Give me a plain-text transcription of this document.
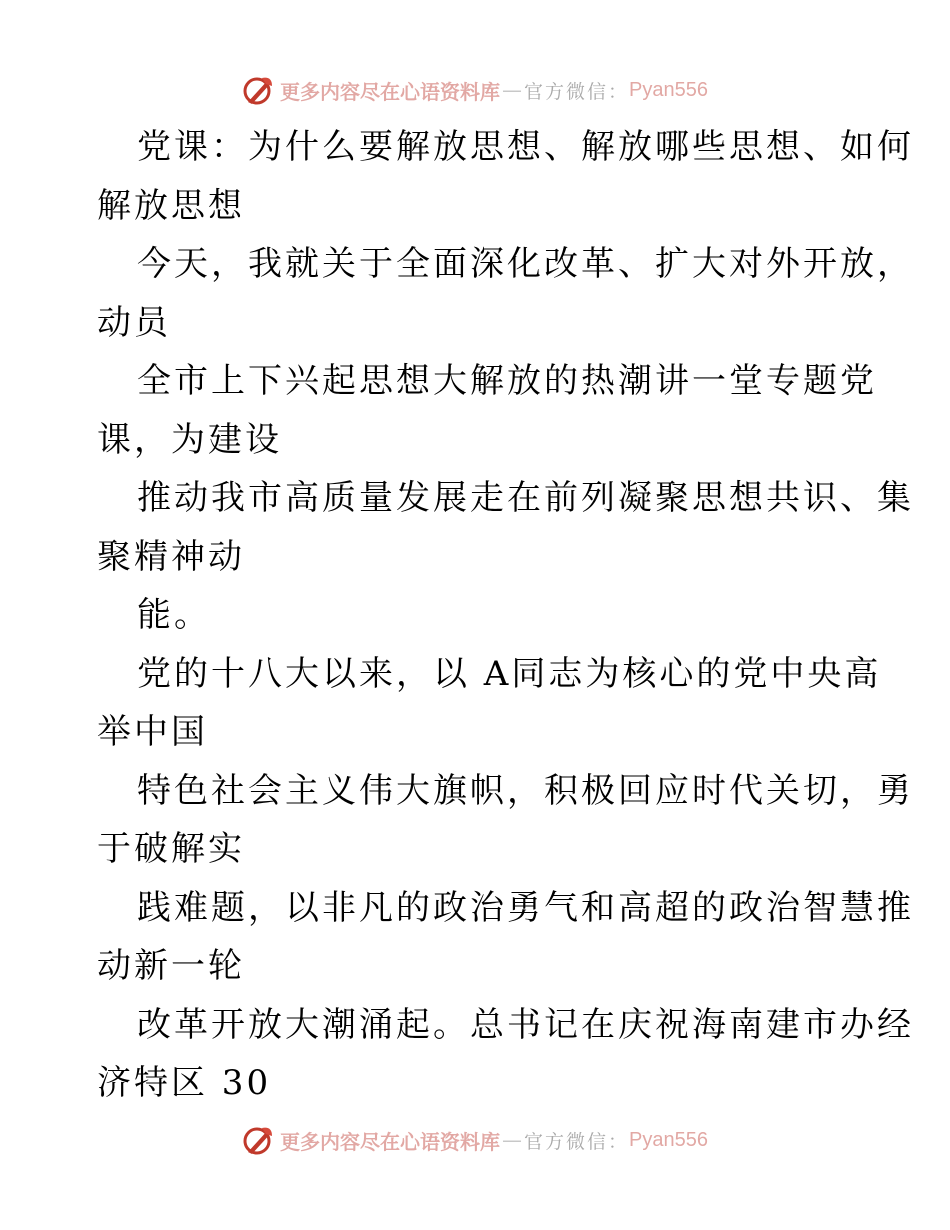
更多内容尽在心语资料库 — 官方微信： Pyan556
党课：为什么要解放思想、解放哪些思想、如何
解放思想
今天，我就关于全面深化改革、扩大对外开放，
动员
全市上下兴起思想大解放的热潮讲一堂专题党
课，为建设
推动我市高质量发展走在前列凝聚思想共识、集
聚精神动
能。
党的十八大以来，以 A同志为核心的党中央高
举中国
特色社会主义伟大旗帜，积极回应时代关切，勇
于破解实
践难题，以非凡的政治勇气和高超的政治智慧推
动新一轮
改革开放大潮涌起。总书记在庆祝海南建市办经
济特区 30
更多内容尽在心语资料库 — 官方微信： Pyan556
